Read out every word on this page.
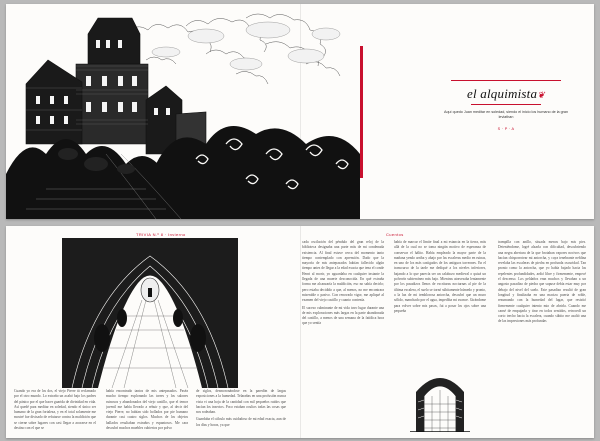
el alquimista❦
Aquí quedo Juan meditar en soledad, siendo el inicio los humano de la gran leviathan
S · P · A
TRIVIA N.º 8 · Invierno	Cuentos

Cuando yo era de los dos, el viejo Pierre tú reclamado por el otro mundo. Lo extraño un acabó bajo los padres del pánico por el que hacer guarida de divinidad en vida. Así quedé para meditar en soledad, siendo el único ser humano de la gran fortaleza, y en el total solamente me mostré fue divisado de refutarse contra la maldición que se cierne sobre lugares con casi llegar a acorarse en el destino con el que se

había encontrado tantos de mis antepasados. Paséa mucho tiempo explorando las torres y los salones ruinosos y abandonados del viejo castillo, que el temor juvenil me había llevado a rehuir y que, al decir del viejo Pierre, no habían sido hollados por pie humano durante casi cuatro siglos. Muchos de los objetos hallados resultaban extraños y espantosos. Me cara descubrí muchos muebles cubiertos por polvo

cada oscilación del péndulo del gran reloj de la biblioteca designaba una parte más de mi condenada existencia. Al final estuve cerca del momento tanto tiempo contemplado con aprensión. Dado que la mayoría de mis antepasados habían fallecido algún tiempo antes de llegar a la edad exacta que tena el conde Henri al morir, yo aguardaba en cualquier instante la llegada de una muerte desconocida. En qué extraña forma me alcanzaría la maldición, eso no sabía decirlo; pero estaba decidido a que, al menos, no me encontrara miserable o pasivo. Con renovado vigor, me apliqué al examen del viejo castillo y cuanto contenía.

El suceso culminante de mi vida tuvo lugar durante una de mis exploraciones más largas en la parte abandonada del castillo, a menos de una semana de la fatídica hora que yo sentía

de siglos, desmoronándose en la paredón de largas exposiciones a la humedad. Telarañas en una profusión nunca vista vi una hoja de la cantidad con mil pequeños ruidos que hacían los insectos. Poco estaban ocultos todas las cosas que nos rodeaban.

Guardaba el cálculo más cuidadoso de mi edad exacta, aun de los días y horas, ya que

había de marcar el límite final a mi estancia en la tierra, más allá de la cual no se toma ningún motivo de esperanza de conservar el hálito. Había empleado la mayor parte de la mañana yendo arriba y abajo por las escaleras medio en ruinas, en uno de los más castigados de los antiguos torreones. En el transcurso de la tarde me dediqué a los niveles inferiores, bajando a lo que parecía ser un calabozo medieval o quizá un polvorín subterráneo más bajo. Mientras atravesaba lentamente por los pasadizos llenos de escrituras nocturnas al pie de la última escalera, el suelo se tornó súbitamente húmedo y pronto, a la luz de mi temblorosa antorcha, descubrí que un muro sólido, manchado por el agua, impediba mi avance. Girándome para volver sobre mis pasos, fui a posar los ojos sobre una pequeña

trampilla con anillo, situada menos bajo mis pies. Deteniéndome, logré alzarla con dificultad, descubriendo una negra abertura de la que brotaban vapores nocivos que hacían chisporrotear mi antorcha, y cuya tenebrante neblina revelaba las escaleras de piedra en profunda oscuridad. Tan pronto como la antorcha, que yo había bajado hacia las repelentes profundidades, ardió libre y firmemente, empecé el descenso. Los peldaños eran muchos y llevaban a un angosto pasadizo de piedra que supuse debía estar muy por debajo del nivel del suelo. Este pasadizo resultó de gran longitud y finalizaba en una maciza puerta de roble, rezumando con la humedad del lugar, que resistió firmemente cualquier intento mio de abrirla. Cuando me cansé de empujarla y tirar en todos sentidos, retrocedí un corto trecho hacia la escalera, cuando súbito me asaltó una de las impresiones más profundas
